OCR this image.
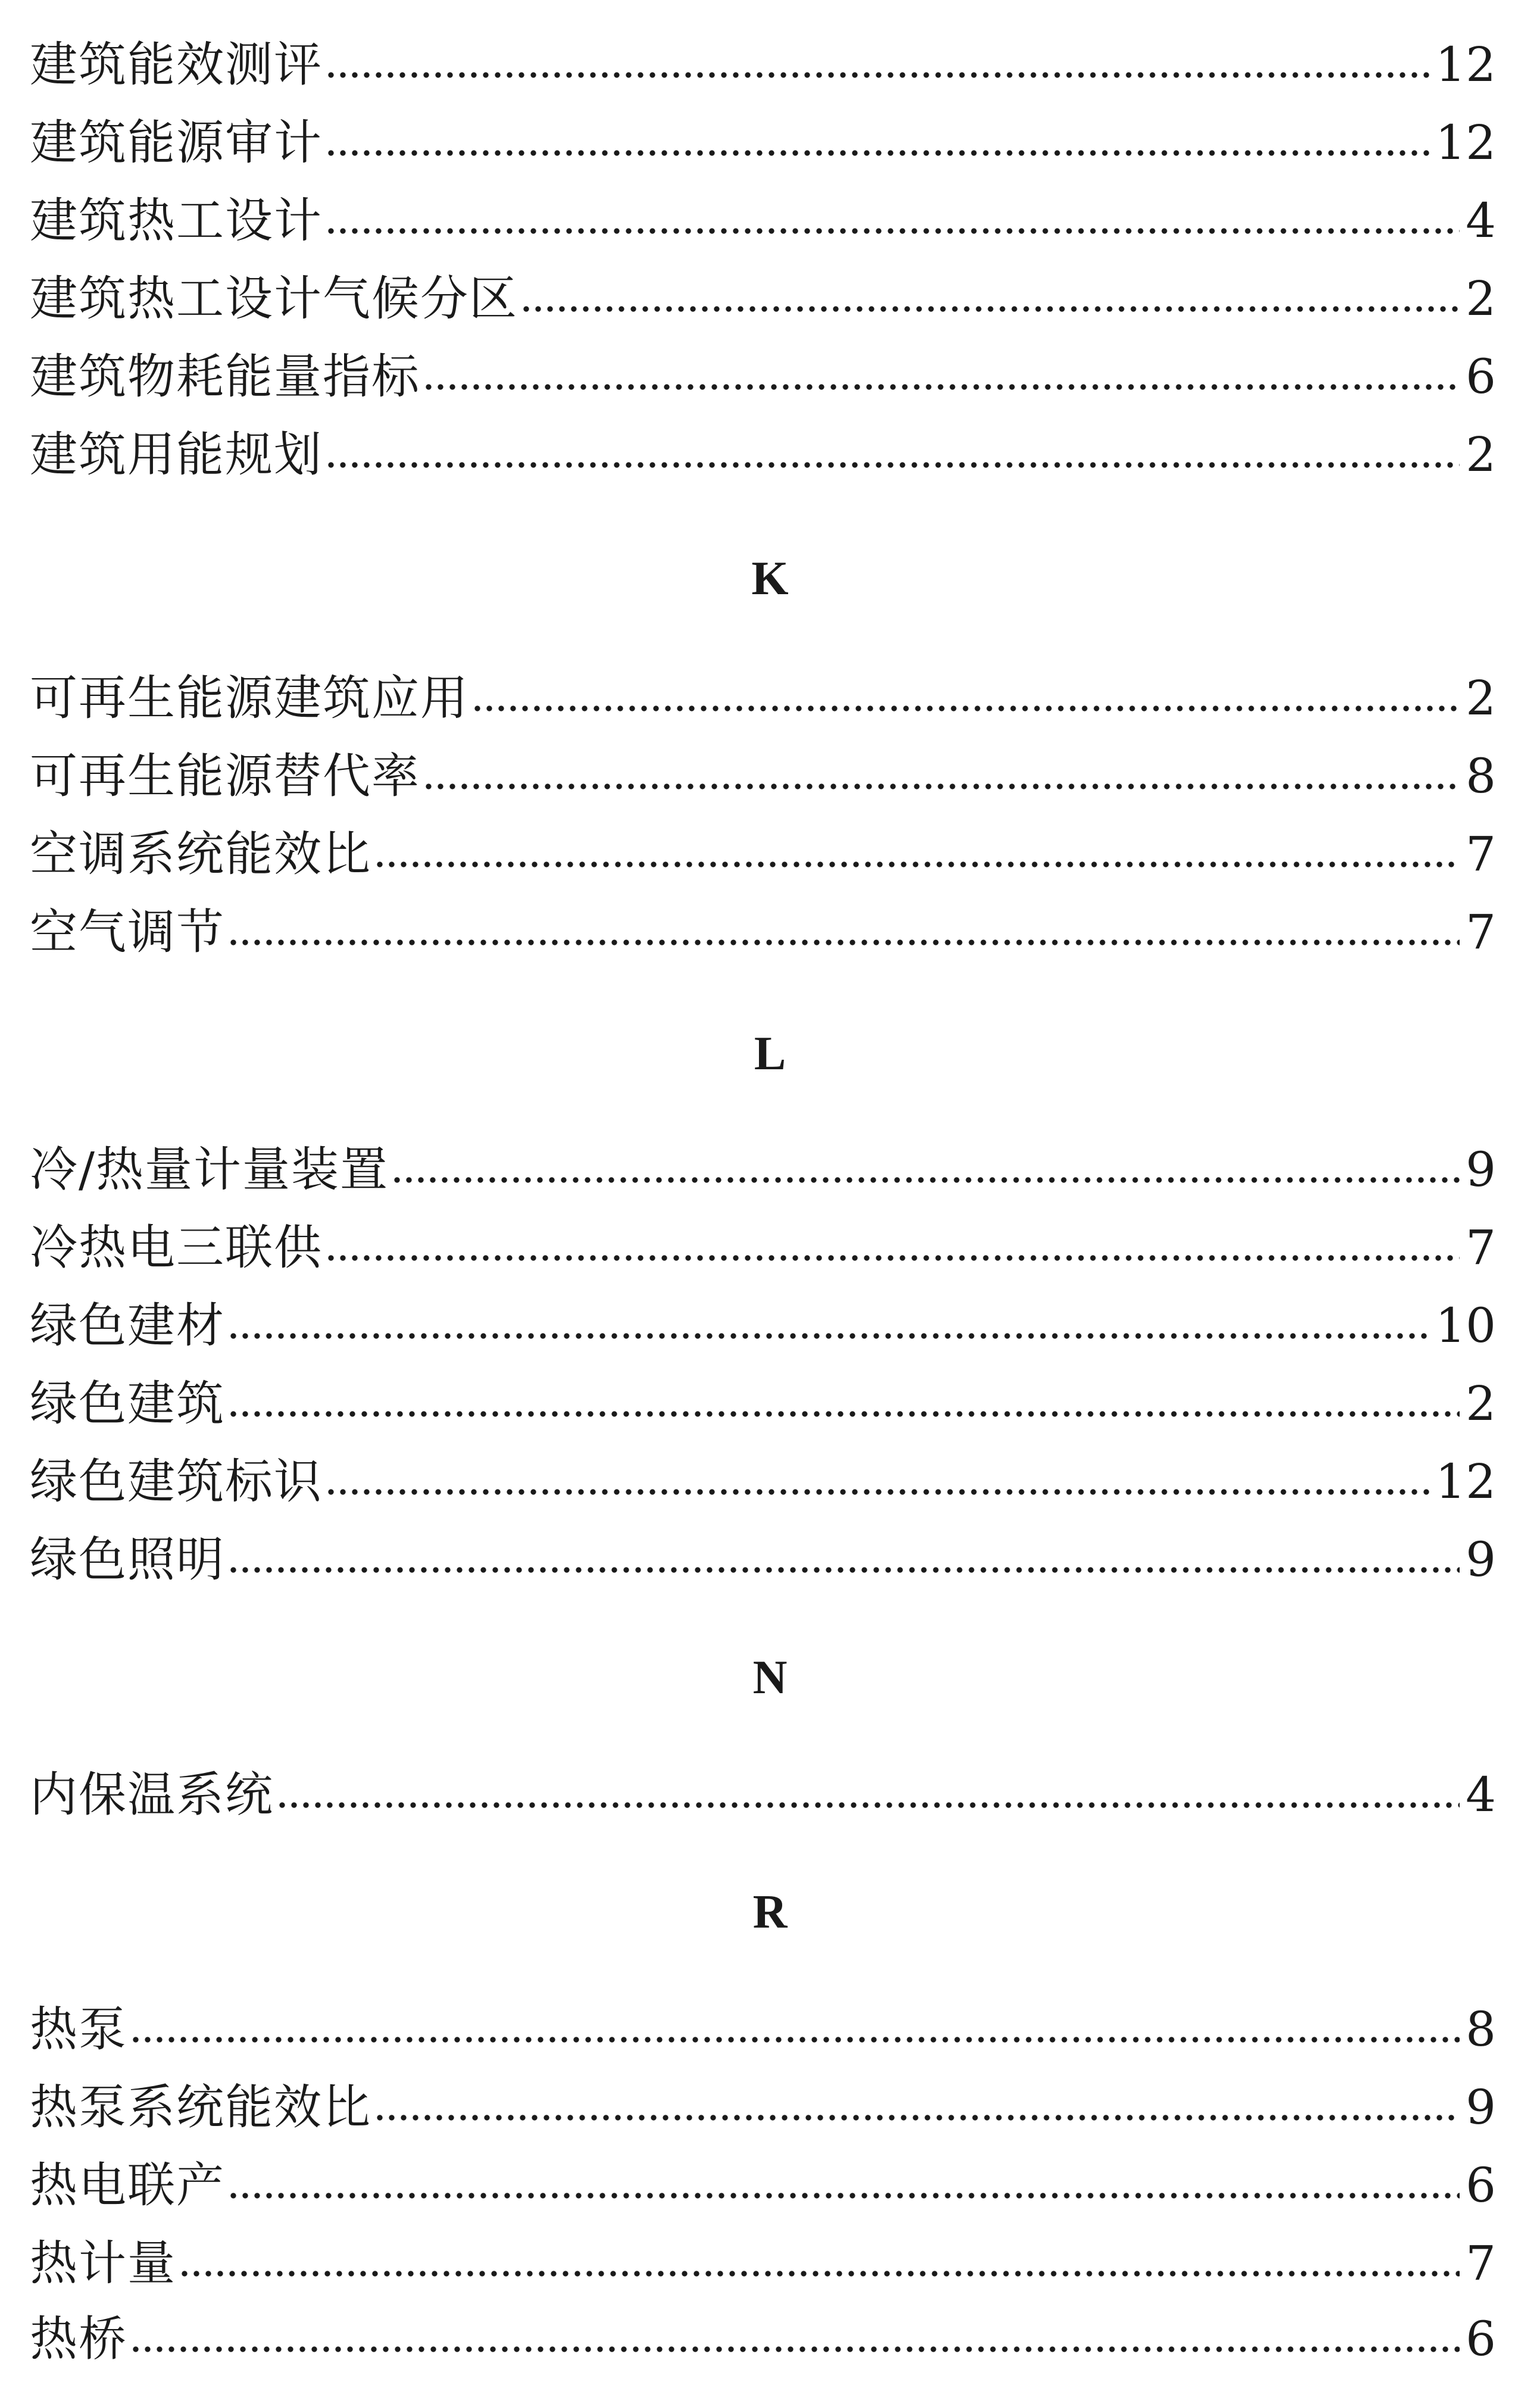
建筑能效测评	12
建筑能源审计	12
建筑热工设计	4
建筑热工设计气候分区	2
建筑物耗能量指标	6
建筑用能规划	2
K
可再生能源建筑应用	2
可再生能源替代率	8
空调系统能效比	7
空气调节	7
L
冷/热量计量装置	9
冷热电三联供	7
绿色建材	10
绿色建筑	2
绿色建筑标识	12
绿色照明	9
N
内保温系统	4
R
热泵	8
热泵系统能效比	9
热电联产	6
热计量	7
热桥	6
